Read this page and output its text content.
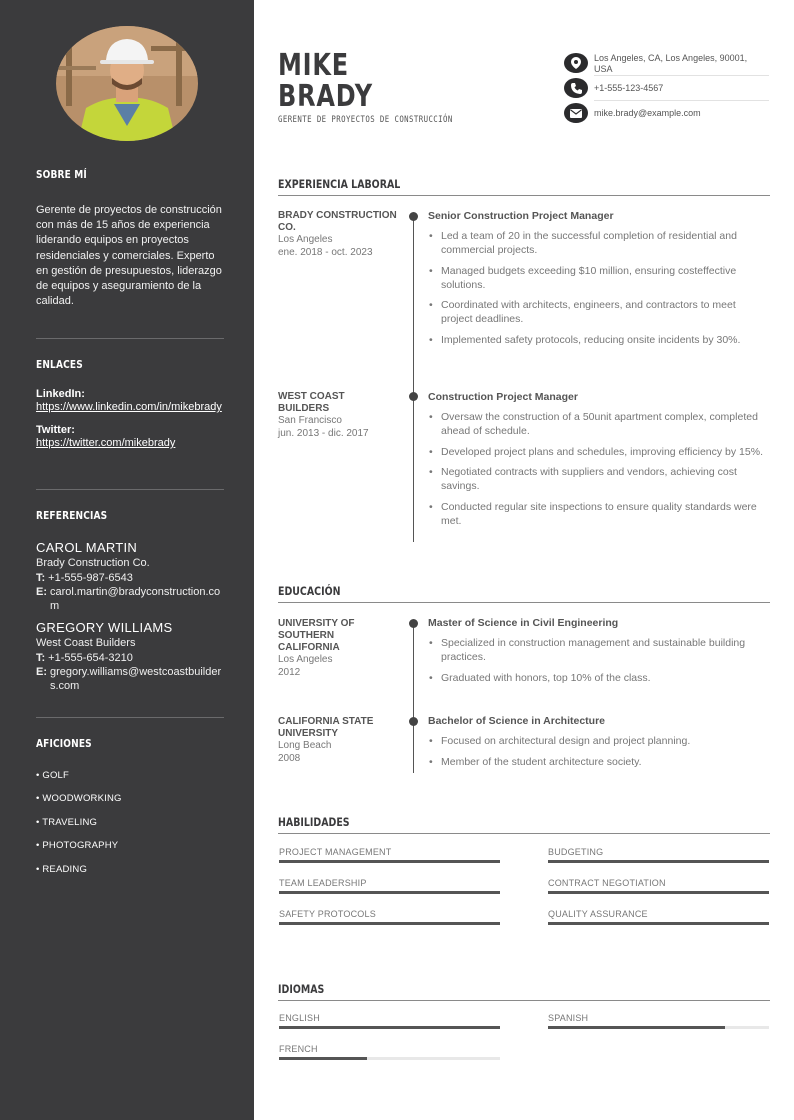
SOBRE MÍ
Gerente de proyectos de construcción con más de 15 años de experiencia liderando equipos en proyectos residenciales y comerciales. Experto en gestión de presupuestos, liderazgo de equipos y aseguramiento de la calidad.
ENLACES
LinkedIn:
https://www.linkedin.com/in/mikebrady
Twitter:
https://twitter.com/mikebrady
REFERENCIAS
CAROL MARTIN
Brady Construction Co.
T: +1-555-987-6543
E: carol.martin@bradyconstruction.com
GREGORY WILLIAMS
West Coast Builders
T: +1-555-654-3210
E: gregory.williams@westcoastbuilders.com
AFICIONES
• GOLF
• WOODWORKING
• TRAVELING
• PHOTOGRAPHY
• READING
MIKE
BRADY
GERENTE DE PROYECTOS DE CONSTRUCCIÓN
Los Angeles, CA, Los Angeles, 90001, USA
+1-555-123-4567
mike.brady@example.com
EXPERIENCIA LABORAL
BRADY CONSTRUCTION CO.
Los Angeles
ene. 2018 - oct. 2023
Senior Construction Project Manager
• Led a team of 20 in the successful completion of residential and commercial projects.
• Managed budgets exceeding $10 million, ensuring costeffective solutions.
• Coordinated with architects, engineers, and contractors to meet project deadlines.
• Implemented safety protocols, reducing onsite incidents by 30%.
WEST COAST BUILDERS
San Francisco
jun. 2013 - dic. 2017
Construction Project Manager
• Oversaw the construction of a 50unit apartment complex, completed ahead of schedule.
• Developed project plans and schedules, improving efficiency by 15%.
• Negotiated contracts with suppliers and vendors, achieving cost savings.
• Conducted regular site inspections to ensure quality standards were met.
EDUCACIÓN
UNIVERSITY OF SOUTHERN CALIFORNIA
Los Angeles
2012
Master of Science in Civil Engineering
• Specialized in construction management and sustainable building practices.
• Graduated with honors, top 10% of the class.
CALIFORNIA STATE UNIVERSITY
Long Beach
2008
Bachelor of Science in Architecture
• Focused on architectural design and project planning.
• Member of the student architecture society.
HABILIDADES
PROJECT MANAGEMENT	BUDGETING
TEAM LEADERSHIP	CONTRACT NEGOTIATION
SAFETY PROTOCOLS	QUALITY ASSURANCE
IDIOMAS
ENGLISH	SPANISH
FRENCH
